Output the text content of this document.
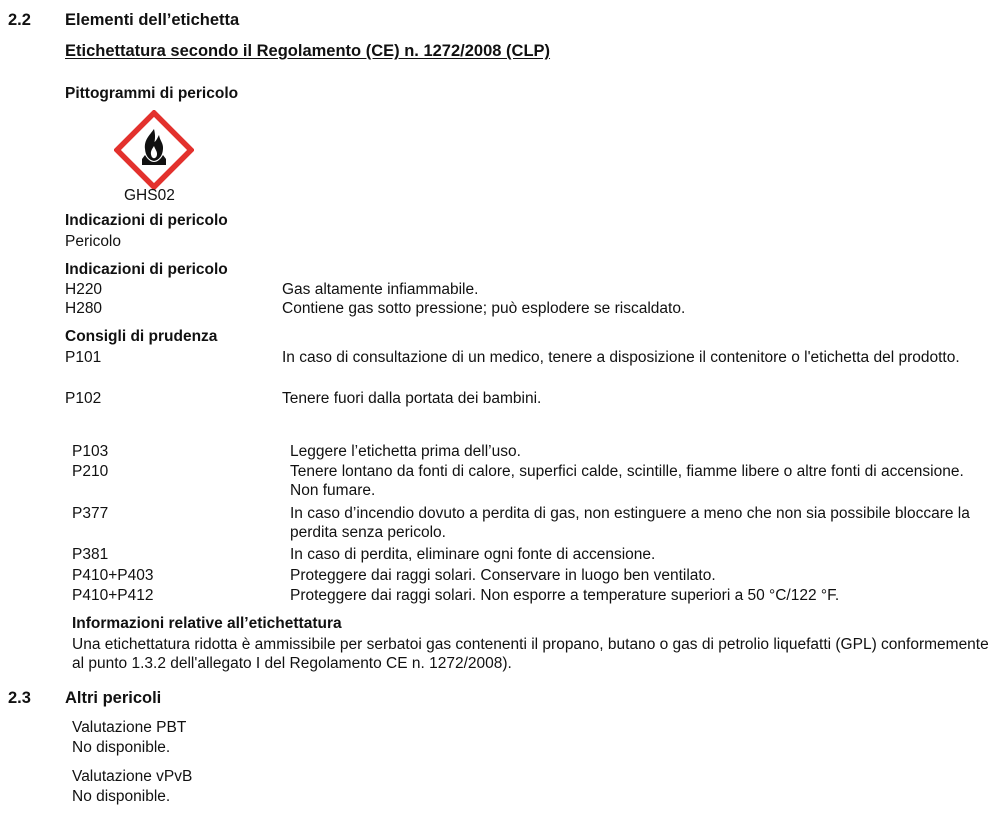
2.2 Elementi dell’etichetta
Etichettatura secondo il Regolamento (CE) n. 1272/2008 (CLP)
Pittogrammi di pericolo
GHS02
Indicazioni di pericolo
Pericolo
Indicazioni di pericolo
H220	Gas altamente infiammabile.
H280	Contiene gas sotto pressione; può esplodere se riscaldato.
Consigli di prudenza
P101	In caso di consultazione di un medico, tenere a disposizione il contenitore o l'etichetta del prodotto.
P102	Tenere fuori dalla portata dei bambini.
P103	Leggere l’etichetta prima dell’uso.
P210	Tenere lontano da fonti di calore, superfici calde, scintille, fiamme libere o altre fonti di accensione. Non fumare.
P377	In caso d’incendio dovuto a perdita di gas, non estinguere a meno che non sia possibile bloccare la perdita senza pericolo.
P381	In caso di perdita, eliminare ogni fonte di accensione.
P410+P403	Proteggere dai raggi solari. Conservare in luogo ben ventilato.
P410+P412	Proteggere dai raggi solari. Non esporre a temperature superiori a 50 °C/122 °F.
Informazioni relative all’etichettatura
Una etichettatura ridotta è ammissibile per serbatoi gas contenenti il propano, butano o gas di petrolio liquefatti (GPL) conformemente al punto 1.3.2 dell'allegato I del Regolamento CE n. 1272/2008).
2.3 Altri pericoli
Valutazione PBT
No disponible.
Valutazione vPvB
No disponible.
